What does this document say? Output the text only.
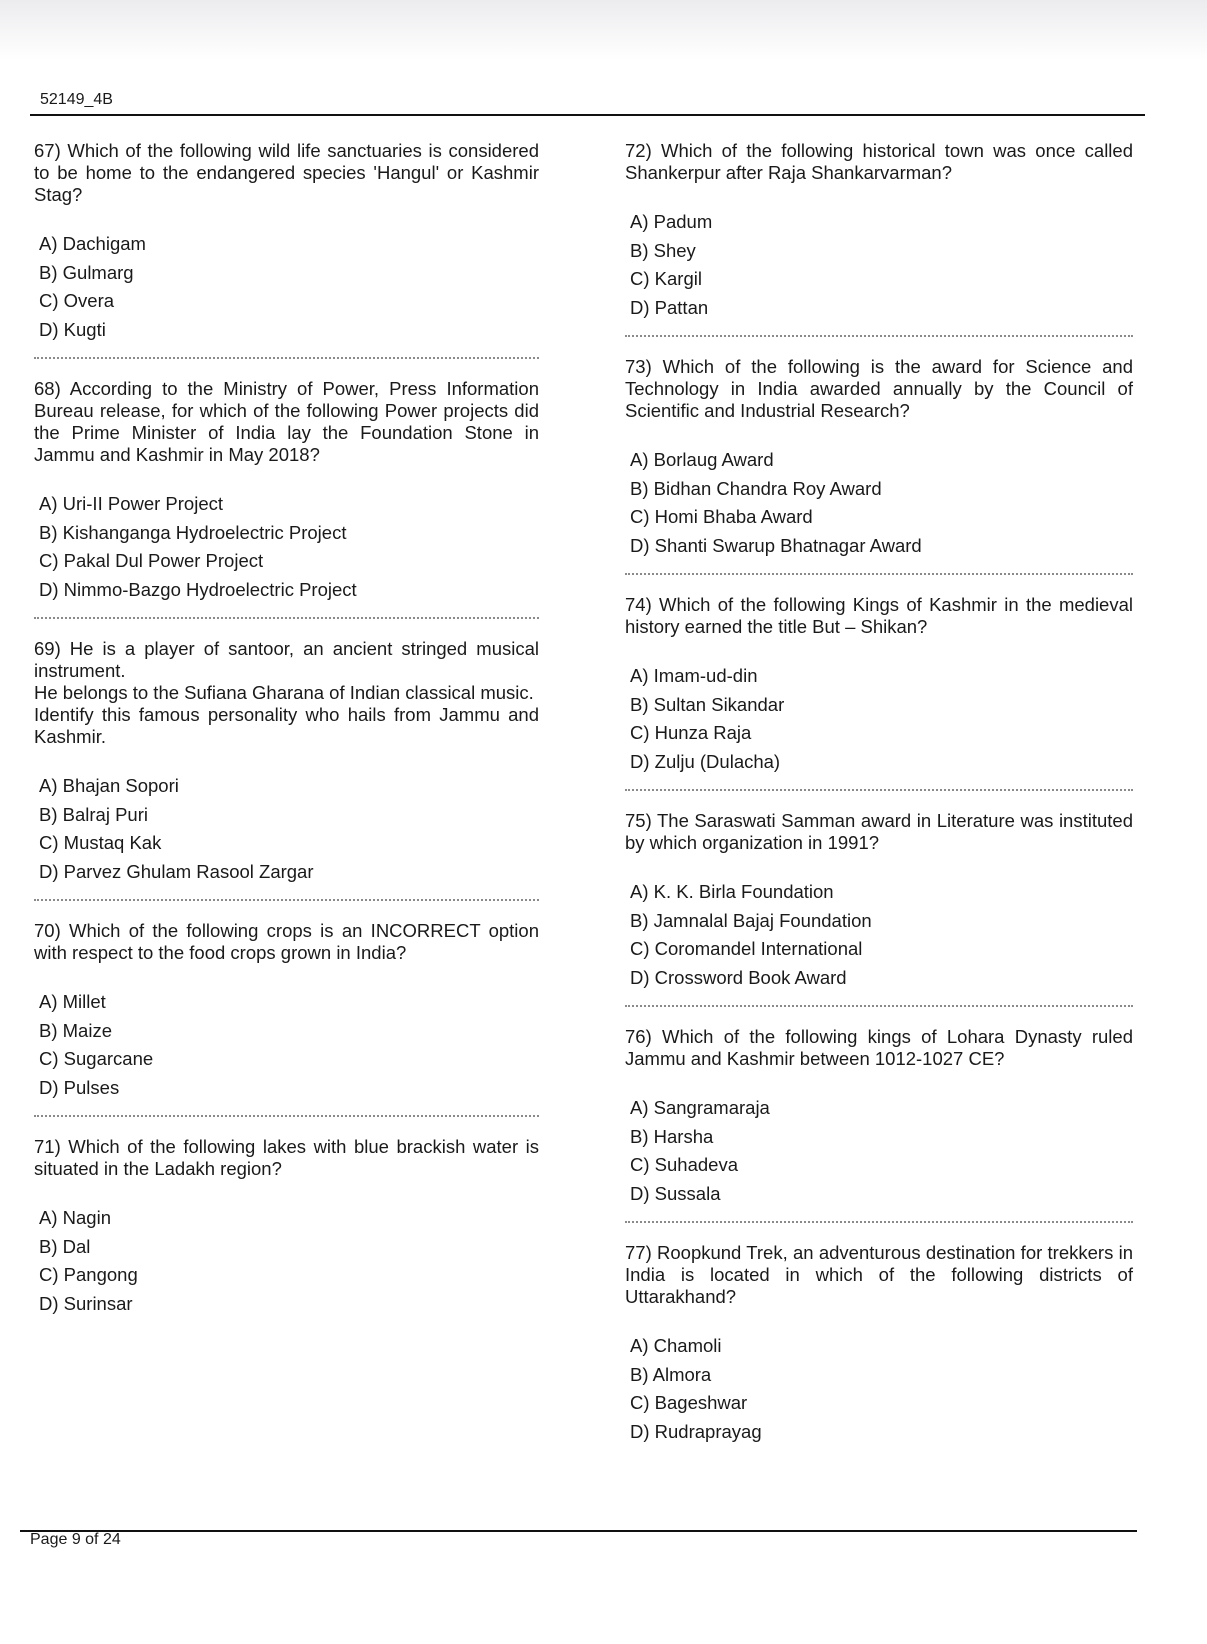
52149_4B

67) Which of the following wild life sanctuaries is considered to be home to the endangered species 'Hangul' or Kashmir Stag?

A) Dachigam
B) Gulmarg
C) Overa
D) Kugti

68) According to the Ministry of Power, Press Information Bureau release, for which of the following Power projects did the Prime Minister of India lay the Foundation Stone in Jammu and Kashmir in May 2018?

A) Uri-II Power Project
B) Kishanganga Hydroelectric Project
C) Pakal Dul Power Project
D) Nimmo-Bazgo Hydroelectric Project

69) He is a player of santoor, an ancient stringed musical instrument.

He belongs to the Sufiana Gharana of Indian classical music.

Identify this famous personality who hails from Jammu and Kashmir.

A) Bhajan Sopori
B) Balraj Puri
C) Mustaq Kak
D) Parvez Ghulam Rasool Zargar

70) Which of the following crops is an INCORRECT option with respect to the food crops grown in India?

A) Millet
B) Maize
C) Sugarcane
D) Pulses

71) Which of the following lakes with blue brackish water is situated in the Ladakh region?

A) Nagin
B) Dal
C) Pangong
D) Surinsar

72) Which of the following historical town was once called Shankerpur after Raja Shankarvarman?

A) Padum
B) Shey
C) Kargil
D) Pattan

73) Which of the following is the award for Science and Technology in India awarded annually by the Council of Scientific and Industrial Research?

A) Borlaug Award
B) Bidhan Chandra Roy Award
C) Homi Bhaba Award
D) Shanti Swarup Bhatnagar Award

74) Which of the following Kings of Kashmir in the medieval history earned the title But – Shikan?

A) Imam-ud-din
B) Sultan Sikandar
C) Hunza Raja
D) Zulju (Dulacha)

75) The Saraswati Samman award in Literature was instituted by which organization in 1991?

A) K. K. Birla Foundation
B) Jamnalal Bajaj Foundation
C) Coromandel International
D) Crossword Book Award

76) Which of the following kings of Lohara Dynasty ruled Jammu and Kashmir between 1012-1027 CE?

A) Sangramaraja
B) Harsha
C) Suhadeva
D) Sussala

77) Roopkund Trek, an adventurous destination for trekkers in India is located in which of the following districts of Uttarakhand?

A) Chamoli
B) Almora
C) Bageshwar
D) Rudraprayag
Page 9 of 24
